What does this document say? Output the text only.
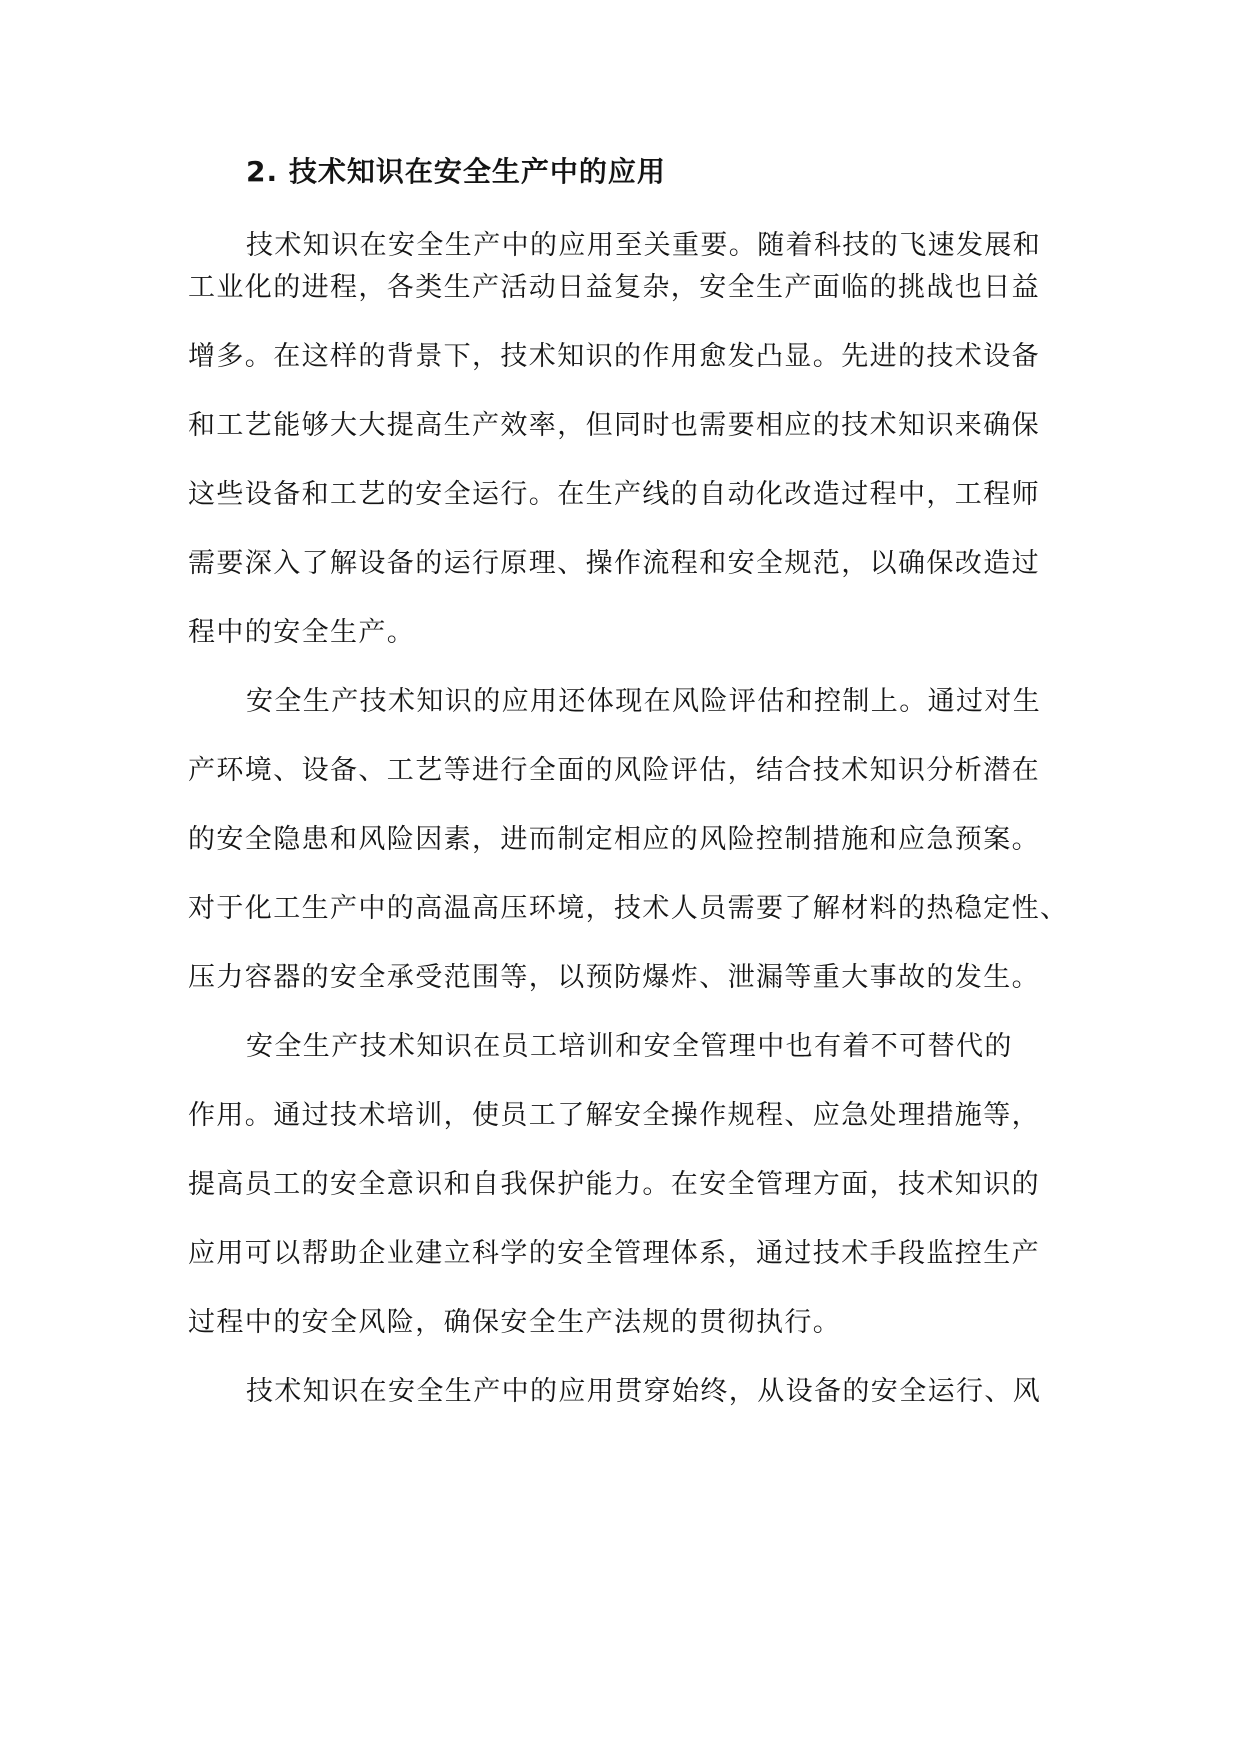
2. 技术知识在安全生产中的应用

技术知识在安全生产中的应用至关重要。随着科技的飞速发展和

工业化的进程，各类生产活动日益复杂，安全生产面临的挑战也日益

增多。在这样的背景下，技术知识的作用愈发凸显。先进的技术设备

和工艺能够大大提高生产效率，但同时也需要相应的技术知识来确保

这些设备和工艺的安全运行。在生产线的自动化改造过程中，工程师

需要深入了解设备的运行原理、操作流程和安全规范，以确保改造过

程中的安全生产。

安全生产技术知识的应用还体现在风险评估和控制上。通过对生

产环境、设备、工艺等进行全面的风险评估，结合技术知识分析潜在

的安全隐患和风险因素，进而制定相应的风险控制措施和应急预案。

对于化工生产中的高温高压环境，技术人员需要了解材料的热稳定性、

压力容器的安全承受范围等，以预防爆炸、泄漏等重大事故的发生。

安全生产技术知识在员工培训和安全管理中也有着不可替代的

作用。通过技术培训，使员工了解安全操作规程、应急处理措施等，

提高员工的安全意识和自我保护能力。在安全管理方面，技术知识的

应用可以帮助企业建立科学的安全管理体系，通过技术手段监控生产

过程中的安全风险，确保安全生产法规的贯彻执行。

技术知识在安全生产中的应用贯穿始终，从设备的安全运行、风
